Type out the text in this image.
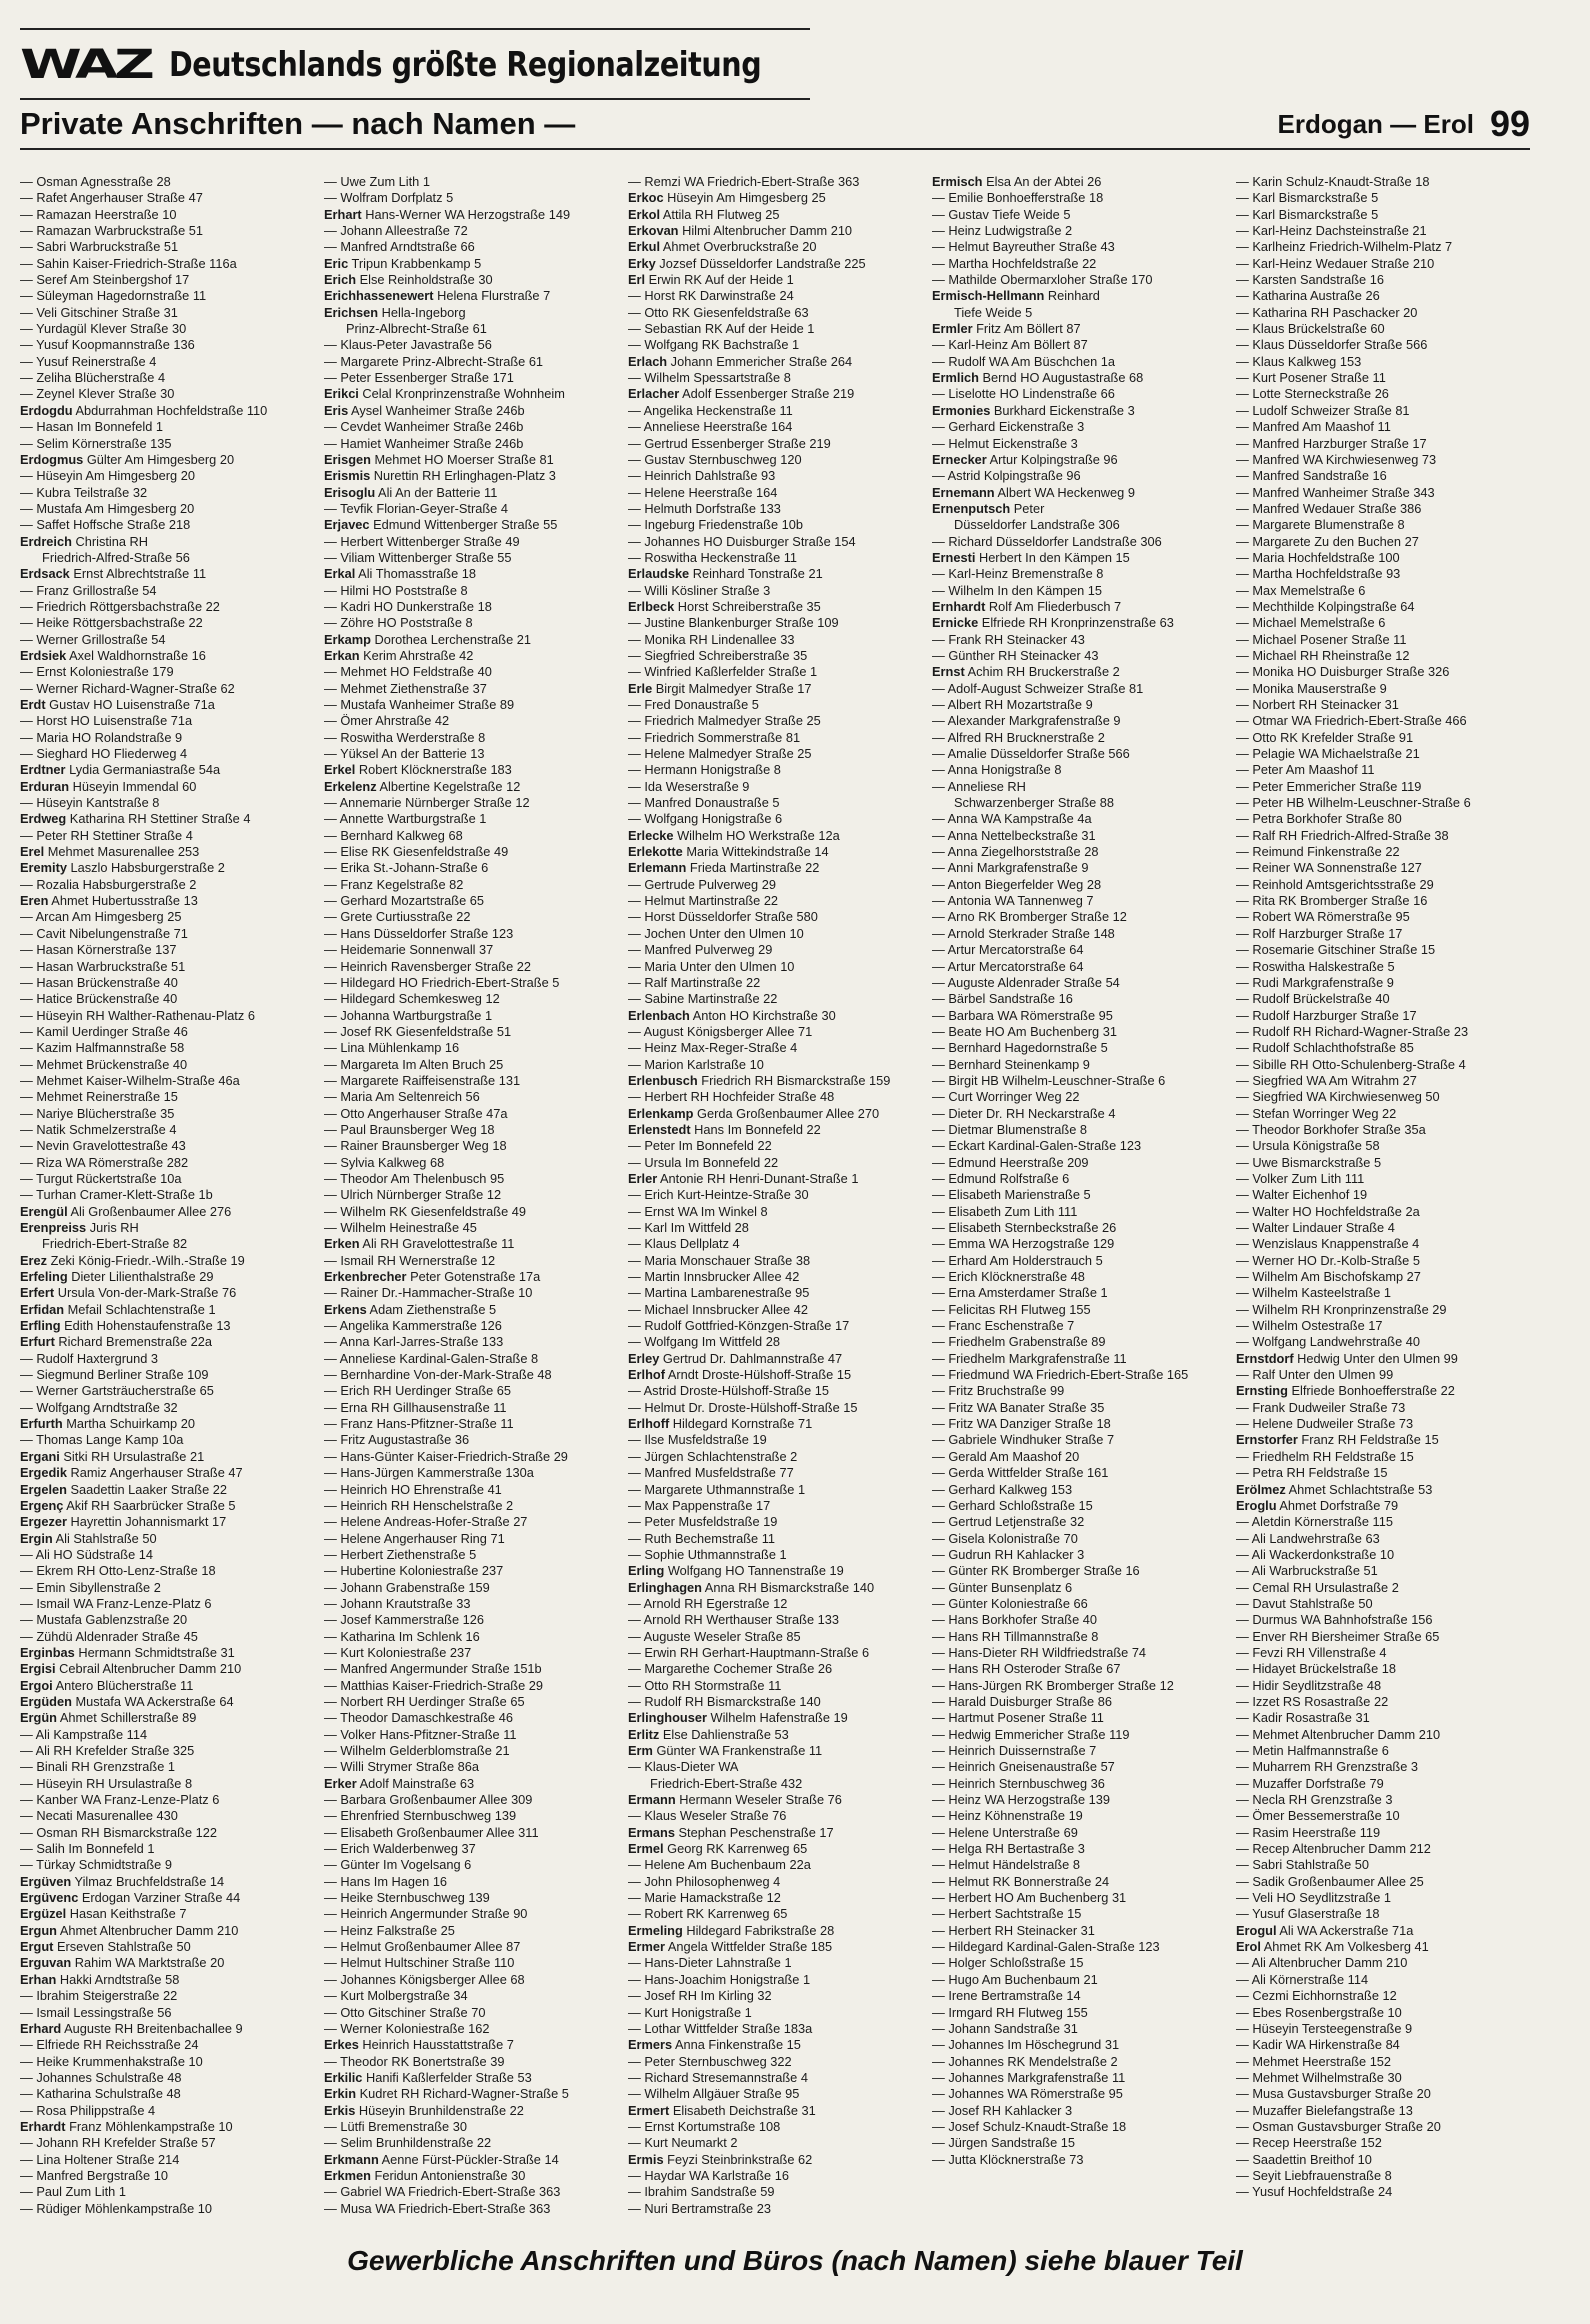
WAZ Deutschlands größte Regionalzeitung
Private Anschriften — nach Namen —	Erdogan — Erol 99
— Osman Agnesstraße 28
— Rafet Angerhauser Straße 47
— Ramazan Heerstraße 10
— Ramazan Warbruckstraße 51
— Sabri Warbruckstraße 51
— Sahin Kaiser-Friedrich-Straße 116a
— Seref Am Steinbergshof 17
— Süleyman Hagedornstraße 11
— Veli Gitschiner Straße 31
— Yurdagül Klever Straße 30
— Yusuf Koopmannstraße 136
— Yusuf Reinerstraße 4
— Zeliha Blücherstraße 4
— Zeynel Klever Straße 30
Erdogdu Abdurrahman Hochfeldstraße 110
— Hasan Im Bonnefeld 1
— Selim Körnerstraße 135
Erdogmus Gülter Am Himgesberg 20
— Hüseyin Am Himgesberg 20
— Kubra Teilstraße 32
— Mustafa Am Himgesberg 20
— Saffet Hoffsche Straße 218
Erdreich Christina RH
Friedrich-Alfred-Straße 56
Erdsack Ernst Albrechtstraße 11
— Franz Grillostraße 54
— Friedrich Röttgersbachstraße 22
— Heike Röttgersbachstraße 22
— Werner Grillostraße 54
Erdsiek Axel Waldhornstraße 16
— Ernst Koloniestraße 179
— Werner Richard-Wagner-Straße 62
Erdt Gustav HO Luisenstraße 71a
— Horst HO Luisenstraße 71a
— Maria HO Rolandstraße 9
— Sieghard HO Fliederweg 4
Erdtner Lydia Germaniastraße 54a
Erduran Hüseyin Immendal 60
— Hüseyin Kantstraße 8
Erdweg Katharina RH Stettiner Straße 4
— Peter RH Stettiner Straße 4
Erel Mehmet Masurenallee 253
Eremity Laszlo Habsburgerstraße 2
— Rozalia Habsburgerstraße 2
Eren Ahmet Hubertusstraße 13
— Arcan Am Himgesberg 25
— Cavit Nibelungenstraße 71
— Hasan Körnerstraße 137
— Hasan Warbruckstraße 51
— Hasan Brückenstraße 40
— Hatice Brückenstraße 40
— Hüseyin RH Walther-Rathenau-Platz 6
— Kamil Uerdinger Straße 46
— Kazim Halfmannstraße 58
— Mehmet Brückenstraße 40
— Mehmet Kaiser-Wilhelm-Straße 46a
— Mehmet Reinerstraße 15
— Nariye Blücherstraße 35
— Natik Schmelzerstraße 4
— Nevin Gravelottestraße 43
— Riza WA Römerstraße 282
— Turgut Rückertstraße 10a
— Turhan Cramer-Klett-Straße 1b
Erengül Ali Großenbaumer Allee 276
Erenpreiss Juris RH
Friedrich-Ebert-Straße 82
Erez Zeki König-Friedr.-Wilh.-Straße 19
Erfeling Dieter Lilienthalstraße 29
Erfert Ursula Von-der-Mark-Straße 76
Erfidan Mefail Schlachtenstraße 1
Erfling Edith Hohenstaufenstraße 13
Erfurt Richard Bremenstraße 22a
— Rudolf Haxtergrund 3
— Siegmund Berliner Straße 109
— Werner Gartsträucherstraße 65
— Wolfgang Arndtstraße 32
Erfurth Martha Schuirkamp 20
— Thomas Lange Kamp 10a
Ergani Sitki RH Ursulastraße 21
Ergedik Ramiz Angerhauser Straße 47
Ergelen Saadettin Laaker Straße 22
Ergenç Akif RH Saarbrücker Straße 5
Ergezer Hayrettin Johannismarkt 17
Ergin Ali Stahlstraße 50
— Ali HO Südstraße 14
— Ekrem RH Otto-Lenz-Straße 18
— Emin Sibyllenstraße 2
— Ismail WA Franz-Lenze-Platz 6
— Mustafa Gablenzstraße 20
— Zühdü Aldenrader Straße 45
Erginbas Hermann Schmidtstraße 31
Ergisi Cebrail Altenbrucher Damm 210
Ergoi Antero Blücherstraße 11
Ergüden Mustafa WA Ackerstraße 64
Ergün Ahmet Schillerstraße 89
— Ali Kampstraße 114
— Ali RH Krefelder Straße 325
— Binali RH Grenzstraße 1
— Hüseyin RH Ursulastraße 8
— Kanber WA Franz-Lenze-Platz 6
— Necati Masurenallee 430
— Osman RH Bismarckstraße 122
— Salih Im Bonnefeld 1
— Türkay Schmidtstraße 9
Ergüven Yilmaz Bruchfeldstraße 14
Ergüvenc Erdogan Varziner Straße 44
Ergüzel Hasan Keithstraße 7
Ergun Ahmet Altenbrucher Damm 210
Ergut Erseven Stahlstraße 50
Erguvan Rahim WA Marktstraße 20
Erhan Hakki Arndtstraße 58
— Ibrahim Steigerstraße 22
— Ismail Lessingstraße 56
Erhard Auguste RH Breitenbachallee 9
— Elfriede RH Reichsstraße 24
— Heike Krummenhakstraße 10
— Johannes Schulstraße 48
— Katharina Schulstraße 48
— Rosa Philippstraße 4
Erhardt Franz Möhlenkampstraße 10
— Johann RH Krefelder Straße 57
— Lina Holtener Straße 214
— Manfred Bergstraße 10
— Paul Zum Lith 1
— Rüdiger Möhlenkampstraße 10
— Uwe Zum Lith 1
— Wolfram Dorfplatz 5
Erhart Hans-Werner WA Herzogstraße 149
— Johann Alleestraße 72
— Manfred Arndtstraße 66
Eric Tripun Krabbenkamp 5
Erich Else Reinholdstraße 30
Erichhassenewert Helena Flurstraße 7
Erichsen Hella-Ingeborg
Prinz-Albrecht-Straße 61
— Klaus-Peter Javastraße 56
— Margarete Prinz-Albrecht-Straße 61
— Peter Essenberger Straße 171
Erikci Celal Kronprinzenstraße Wohnheim
Eris Aysel Wanheimer Straße 246b
— Cevdet Wanheimer Straße 246b
— Hamiet Wanheimer Straße 246b
Erisgen Mehmet HO Moerser Straße 81
Erismis Nurettin RH Erlinghagen-Platz 3
Erisoglu Ali An der Batterie 11
— Tevfik Florian-Geyer-Straße 4
Erjavec Edmund Wittenberger Straße 55
— Herbert Wittenberger Straße 49
— Viliam Wittenberger Straße 55
Erkal Ali Thomasstraße 18
— Hilmi HO Poststraße 8
— Kadri HO Dunkerstraße 18
— Zöhre HO Poststraße 8
Erkamp Dorothea Lerchenstraße 21
Erkan Kerim Ahrstraße 42
— Mehmet HO Feldstraße 40
— Mehmet Ziethenstraße 37
— Mustafa Wanheimer Straße 89
— Ömer Ahrstraße 42
— Roswitha Werderstraße 8
— Yüksel An der Batterie 13
Erkel Robert Klöcknerstraße 183
Erkelenz Albertine Kegelstraße 12
— Annemarie Nürnberger Straße 12
— Annette Wartburgstraße 1
— Bernhard Kalkweg 68
— Elise RK Giesenfeldstraße 49
— Erika St.-Johann-Straße 6
— Franz Kegelstraße 82
— Gerhard Mozartstraße 65
— Grete Curtiusstraße 22
— Hans Düsseldorfer Straße 123
— Heidemarie Sonnenwall 37
— Heinrich Ravensberger Straße 22
— Hildegard HO Friedrich-Ebert-Straße 5
— Hildegard Schemkesweg 12
— Johanna Wartburgstraße 1
— Josef RK Giesenfeldstraße 51
— Lina Mühlenkamp 16
— Margareta Im Alten Bruch 25
— Margarete Raiffeisenstraße 131
— Maria Am Seltenreich 56
— Otto Angerhauser Straße 47a
— Paul Braunsberger Weg 18
— Rainer Braunsberger Weg 18
— Sylvia Kalkweg 68
— Theodor Am Thelenbusch 95
— Ulrich Nürnberger Straße 12
— Wilhelm RK Giesenfeldstraße 49
— Wilhelm Heinestraße 45
Erken Ali RH Gravelottestraße 11
— Ismail RH Wernerstraße 12
Erkenbrecher Peter Gotenstraße 17a
— Rainer Dr.-Hammacher-Straße 10
Erkens Adam Ziethenstraße 5
— Angelika Kammerstraße 126
— Anna Karl-Jarres-Straße 133
— Anneliese Kardinal-Galen-Straße 8
— Bernhardine Von-der-Mark-Straße 48
— Erich RH Uerdinger Straße 65
— Erna RH Gillhausenstraße 11
— Franz Hans-Pfitzner-Straße 11
— Fritz Augustastraße 36
— Hans-Günter Kaiser-Friedrich-Straße 29
— Hans-Jürgen Kammerstraße 130a
— Heinrich HO Ehrenstraße 41
— Heinrich RH Henschelstraße 2
— Helene Andreas-Hofer-Straße 27
— Helene Angerhauser Ring 71
— Herbert Ziethenstraße 5
— Hubertine Koloniestraße 237
— Johann Grabenstraße 159
— Johann Krautstraße 33
— Josef Kammerstraße 126
— Katharina Im Schlenk 16
— Kurt Koloniestraße 237
— Manfred Angermunder Straße 151b
— Matthias Kaiser-Friedrich-Straße 29
— Norbert RH Uerdinger Straße 65
— Theodor Damaschkestraße 46
— Volker Hans-Pfitzner-Straße 11
— Wilhelm Gelderblomstraße 21
— Willi Strymer Straße 86a
Erker Adolf Mainstraße 63
— Barbara Großenbaumer Allee 309
— Ehrenfried Sternbuschweg 139
— Elisabeth Großenbaumer Allee 311
— Erich Walderbenweg 37
— Günter Im Vogelsang 6
— Hans Im Hagen 16
— Heike Sternbuschweg 139
— Heinrich Angermunder Straße 90
— Heinz Falkstraße 25
— Helmut Großenbaumer Allee 87
— Helmut Hultschiner Straße 110
— Johannes Königsberger Allee 68
— Kurt Molbergstraße 34
— Otto Gitschiner Straße 70
— Werner Koloniestraße 162
Erkes Heinrich Hausstattstraße 7
— Theodor RK Bonertstraße 39
Erkilic Hanifi Kaßlerfelder Straße 53
Erkin Kudret RH Richard-Wagner-Straße 5
Erkis Hüseyin Brunhildenstraße 22
— Lütfi Bremenstraße 30
— Selim Brunhildenstraße 22
Erkmann Aenne Fürst-Pückler-Straße 14
Erkmen Feridun Antonienstraße 30
— Gabriel WA Friedrich-Ebert-Straße 363
— Musa WA Friedrich-Ebert-Straße 363
— Remzi WA Friedrich-Ebert-Straße 363
Erkoc Hüseyin Am Himgesberg 25
Erkol Attila RH Flutweg 25
Erkovan Hilmi Altenbrucher Damm 210
Erkul Ahmet Overbruckstraße 20
Erky Jozsef Düsseldorfer Landstraße 225
Erl Erwin RK Auf der Heide 1
— Horst RK Darwinstraße 24
— Otto RK Giesenfeldstraße 63
— Sebastian RK Auf der Heide 1
— Wolfgang RK Bachstraße 1
Erlach Johann Emmericher Straße 264
— Wilhelm Spessartstraße 8
Erlacher Adolf Essenberger Straße 219
— Angelika Heckenstraße 11
— Anneliese Heerstraße 164
— Gertrud Essenberger Straße 219
— Gustav Sternbuschweg 120
— Heinrich Dahlstraße 93
— Helene Heerstraße 164
— Helmuth Dorfstraße 133
— Ingeburg Friedenstraße 10b
— Johannes HO Duisburger Straße 154
— Roswitha Heckenstraße 11
Erlaudske Reinhard Tonstraße 21
— Willi Kösliner Straße 3
Erlbeck Horst Schreiberstraße 35
— Justine Blankenburger Straße 109
— Monika RH Lindenallee 33
— Siegfried Schreiberstraße 35
— Winfried Kaßlerfelder Straße 1
Erle Birgit Malmedyer Straße 17
— Fred Donaustraße 5
— Friedrich Malmedyer Straße 25
— Friedrich Sommerstraße 81
— Helene Malmedyer Straße 25
— Hermann Honigstraße 8
— Ida Weserstraße 9
— Manfred Donaustraße 5
— Wolfgang Honigstraße 6
Erlecke Wilhelm HO Werkstraße 12a
Erlekotte Maria Wittekindstraße 14
Erlemann Frieda Martinstraße 22
— Gertrude Pulverweg 29
— Helmut Martinstraße 22
— Horst Düsseldorfer Straße 580
— Jochen Unter den Ulmen 10
— Manfred Pulverweg 29
— Maria Unter den Ulmen 10
— Ralf Martinstraße 22
— Sabine Martinstraße 22
Erlenbach Anton HO Kirchstraße 30
— August Königsberger Allee 71
— Heinz Max-Reger-Straße 4
— Marion Karlstraße 10
Erlenbusch Friedrich RH Bismarckstraße 159
— Herbert RH Hochfeider Straße 48
Erlenkamp Gerda Großenbaumer Allee 270
Erlenstedt Hans Im Bonnefeld 22
— Peter Im Bonnefeld 22
— Ursula Im Bonnefeld 22
Erler Antonie RH Henri-Dunant-Straße 1
— Erich Kurt-Heintze-Straße 30
— Ernst WA Im Winkel 8
— Karl Im Wittfeld 28
— Klaus Dellplatz 4
— Maria Monschauer Straße 38
— Martin Innsbrucker Allee 42
— Martina Lambarenestraße 95
— Michael Innsbrucker Allee 42
— Rudolf Gottfried-Könzgen-Straße 17
— Wolfgang Im Wittfeld 28
Erley Gertrud Dr. Dahlmannstraße 47
Erlhof Arndt Droste-Hülshoff-Straße 15
— Astrid Droste-Hülshoff-Straße 15
— Helmut Dr. Droste-Hülshoff-Straße 15
Erlhoff Hildegard Kornstraße 71
— Ilse Musfeldstraße 19
— Jürgen Schlachtenstraße 2
— Manfred Musfeldstraße 77
— Margarete Uthmannstraße 1
— Max Pappenstraße 17
— Peter Musfeldstraße 19
— Ruth Bechemstraße 11
— Sophie Uthmannstraße 1
Erling Wolfgang HO Tannenstraße 19
Erlinghagen Anna RH Bismarckstraße 140
— Arnold RH Egerstraße 12
— Arnold RH Werthauser Straße 133
— Auguste Weseler Straße 85
— Erwin RH Gerhart-Hauptmann-Straße 6
— Margarethe Cochemer Straße 26
— Otto RH Stormstraße 11
— Rudolf RH Bismarckstraße 140
Erlinghouser Wilhelm Hafenstraße 19
Erlitz Else Dahlienstraße 53
Erm Günter WA Frankenstraße 11
— Klaus-Dieter WA
Friedrich-Ebert-Straße 432
Ermann Hermann Weseler Straße 76
— Klaus Weseler Straße 76
Ermans Stephan Peschenstraße 17
Ermel Georg RK Karrenweg 65
— Helene Am Buchenbaum 22a
— John Philosophenweg 4
— Marie Hamackstraße 12
— Robert RK Karrenweg 65
Ermeling Hildegard Fabrikstraße 28
Ermer Angela Wittfelder Straße 185
— Hans-Dieter Lahnstraße 1
— Hans-Joachim Honigstraße 1
— Josef RH Im Kirling 32
— Kurt Honigstraße 1
— Lothar Wittfelder Straße 183a
Ermers Anna Finkenstraße 15
— Peter Sternbuschweg 322
— Richard Stresemannstraße 4
— Wilhelm Allgäuer Straße 95
Ermert Elisabeth Deichstraße 31
— Ernst Kortumstraße 108
— Kurt Neumarkt 2
Ermis Feyzi Steinbrinkstraße 62
— Haydar WA Karlstraße 16
— Ibrahim Sandstraße 59
— Nuri Bertramstraße 23
Ermisch Elsa An der Abtei 26
— Emilie Bonhoefferstraße 18
— Gustav Tiefe Weide 5
— Heinz Ludwigstraße 2
— Helmut Bayreuther Straße 43
— Martha Hochfeldstraße 22
— Mathilde Obermarxloher Straße 170
Ermisch-Hellmann Reinhard
Tiefe Weide 5
Ermler Fritz Am Böllert 87
— Karl-Heinz Am Böllert 87
— Rudolf WA Am Büschchen 1a
Ermlich Bernd HO Augustastraße 68
— Liselotte HO Lindenstraße 66
Ermonies Burkhard Eickenstraße 3
— Gerhard Eickenstraße 3
— Helmut Eickenstraße 3
Ernecker Artur Kolpingstraße 96
— Astrid Kolpingstraße 96
Ernemann Albert WA Heckenweg 9
Ernenputsch Peter
Düsseldorfer Landstraße 306
— Richard Düsseldorfer Landstraße 306
Ernesti Herbert In den Kämpen 15
— Karl-Heinz Bremenstraße 8
— Wilhelm In den Kämpen 15
Ernhardt Rolf Am Fliederbusch 7
Ernicke Elfriede RH Kronprinzenstraße 63
— Frank RH Steinacker 43
— Günther RH Steinacker 43
Ernst Achim RH Bruckerstraße 2
— Adolf-August Schweizer Straße 81
— Albert RH Mozartstraße 9
— Alexander Markgrafenstraße 9
— Alfred RH Brucknerstraße 2
— Amalie Düsseldorfer Straße 566
— Anna Honigstraße 8
— Anneliese RH
Schwarzenberger Straße 88
— Anna WA Kampstraße 4a
— Anna Nettelbeckstraße 31
— Anna Ziegelhorststraße 28
— Anni Markgrafenstraße 9
— Anton Biegerfelder Weg 28
— Antonia WA Tannenweg 7
— Arno RK Bromberger Straße 12
— Arnold Sterkrader Straße 148
— Artur Mercatorstraße 64
— Artur Mercatorstraße 64
— Auguste Aldenrader Straße 54
— Bärbel Sandstraße 16
— Barbara WA Römerstraße 95
— Beate HO Am Buchenberg 31
— Bernhard Hagedornstraße 5
— Bernhard Steinenkamp 9
— Birgit HB Wilhelm-Leuschner-Straße 6
— Curt Worringer Weg 22
— Dieter Dr. RH Neckarstraße 4
— Dietmar Blumenstraße 8
— Eckart Kardinal-Galen-Straße 123
— Edmund Heerstraße 209
— Edmund Rolfstraße 6
— Elisabeth Marienstraße 5
— Elisabeth Zum Lith 111
— Elisabeth Sternbeckstraße 26
— Emma WA Herzogstraße 129
— Erhard Am Holderstrauch 5
— Erich Klöcknerstraße 48
— Erna Amsterdamer Straße 1
— Felicitas RH Flutweg 155
— Franc Eschenstraße 7
— Friedhelm Grabenstraße 89
— Friedhelm Markgrafenstraße 11
— Friedmund WA Friedrich-Ebert-Straße 165
— Fritz Bruchstraße 99
— Fritz WA Banater Straße 35
— Fritz WA Danziger Straße 18
— Gabriele Windhuker Straße 7
— Gerald Am Maashof 20
— Gerda Wittfelder Straße 161
— Gerhard Kalkweg 153
— Gerhard Schloßstraße 15
— Gertrud Letjenstraße 32
— Gisela Kolonistraße 70
— Gudrun RH Kahlacker 3
— Günter RK Bromberger Straße 16
— Günter Bunsenplatz 6
— Günter Koloniestraße 66
— Hans Borkhofer Straße 40
— Hans RH Tillmannstraße 8
— Hans-Dieter RH Wildfriedstraße 74
— Hans RH Osteroder Straße 67
— Hans-Jürgen RK Bromberger Straße 12
— Harald Duisburger Straße 86
— Hartmut Posener Straße 11
— Hedwig Emmericher Straße 119
— Heinrich Duissernstraße 7
— Heinrich Gneisenaustraße 57
— Heinrich Sternbuschweg 36
— Heinz WA Herzogstraße 139
— Heinz Köhnenstraße 19
— Helene Unterstraße 69
— Helga RH Bertastraße 3
— Helmut Händelstraße 8
— Helmut RK Bonnerstraße 24
— Herbert HO Am Buchenberg 31
— Herbert Sachtstraße 15
— Herbert RH Steinacker 31
— Hildegard Kardinal-Galen-Straße 123
— Holger Schloßstraße 15
— Hugo Am Buchenbaum 21
— Irene Bertramstraße 14
— Irmgard RH Flutweg 155
— Johann Sandstraße 31
— Johannes Im Höschegrund 31
— Johannes RK Mendelstraße 2
— Johannes Markgrafenstraße 11
— Johannes WA Römerstraße 95
— Josef RH Kahlacker 3
— Josef Schulz-Knaudt-Straße 18
— Jürgen Sandstraße 15
— Jutta Klöcknerstraße 73
— Karin Schulz-Knaudt-Straße 18
— Karl Bismarckstraße 5
— Karl Bismarckstraße 5
— Karl-Heinz Dachsteinstraße 21
— Karlheinz Friedrich-Wilhelm-Platz 7
— Karl-Heinz Wedauer Straße 210
— Karsten Sandstraße 16
— Katharina Austraße 26
— Katharina RH Paschacker 20
— Klaus Brückelstraße 60
— Klaus Düsseldorfer Straße 566
— Klaus Kalkweg 153
— Kurt Posener Straße 11
— Lotte Sterneckstraße 26
— Ludolf Schweizer Straße 81
— Manfred Am Maashof 11
— Manfred Harzburger Straße 17
— Manfred WA Kirchwiesenweg 73
— Manfred Sandstraße 16
— Manfred Wanheimer Straße 343
— Manfred Wedauer Straße 386
— Margarete Blumenstraße 8
— Margarete Zu den Buchen 27
— Maria Hochfeldstraße 100
— Martha Hochfeldstraße 93
— Max Memelstraße 6
— Mechthilde Kolpingstraße 64
— Michael Memelstraße 6
— Michael Posener Straße 11
— Michael RH Rheinstraße 12
— Monika HO Duisburger Straße 326
— Monika Mauserstraße 9
— Norbert RH Steinacker 31
— Otmar WA Friedrich-Ebert-Straße 466
— Otto RK Krefelder Straße 91
— Pelagie WA Michaelstraße 21
— Peter Am Maashof 11
— Peter Emmericher Straße 119
— Peter HB Wilhelm-Leuschner-Straße 6
— Petra Borkhofer Straße 80
— Ralf RH Friedrich-Alfred-Straße 38
— Reimund Finkenstraße 22
— Reiner WA Sonnenstraße 127
— Reinhold Amtsgerichtsstraße 29
— Rita RK Bromberger Straße 16
— Robert WA Römerstraße 95
— Rolf Harzburger Straße 17
— Rosemarie Gitschiner Straße 15
— Roswitha Halskestraße 5
— Rudi Markgrafenstraße 9
— Rudolf Brückelstraße 40
— Rudolf Harzburger Straße 17
— Rudolf RH Richard-Wagner-Straße 23
— Rudolf Schlachthofstraße 85
— Sibille RH Otto-Schulenberg-Straße 4
— Siegfried WA Am Witrahm 27
— Siegfried WA Kirchwiesenweg 50
— Stefan Worringer Weg 22
— Theodor Borkhofer Straße 35a
— Ursula Königstraße 58
— Uwe Bismarckstraße 5
— Volker Zum Lith 111
— Walter Eichenhof 19
— Walter HO Hochfeldstraße 2a
— Walter Lindauer Straße 4
— Wenzislaus Knappenstraße 4
— Werner HO Dr.-Kolb-Straße 5
— Wilhelm Am Bischofskamp 27
— Wilhelm Kasteelstraße 1
— Wilhelm RH Kronprinzenstraße 29
— Wilhelm Ostestraße 17
— Wolfgang Landwehrstraße 40
Ernstdorf Hedwig Unter den Ulmen 99
— Ralf Unter den Ulmen 99
Ernsting Elfriede Bonhoefferstraße 22
— Frank Dudweiler Straße 73
— Helene Dudweiler Straße 73
Ernstorfer Franz RH Feldstraße 15
— Friedhelm RH Feldstraße 15
— Petra RH Feldstraße 15
Erölmez Ahmet Schlachtstraße 53
Eroglu Ahmet Dorfstraße 79
— Aletdin Körnerstraße 115
— Ali Landwehrstraße 63
— Ali Wackerdonkstraße 10
— Ali Warbruckstraße 51
— Cemal RH Ursulastraße 2
— Davut Stahlstraße 50
— Durmus WA Bahnhofstraße 156
— Enver RH Biersheimer Straße 65
— Fevzi RH Villenstraße 4
— Hidayet Brückelstraße 18
— Hidir Seydlitzstraße 48
— Izzet RS Rosastraße 22
— Kadir Rosastraße 31
— Mehmet Altenbrucher Damm 210
— Metin Halfmannstraße 6
— Muharrem RH Grenzstraße 3
— Muzaffer Dorfstraße 79
— Necla RH Grenzstraße 3
— Ömer Bessemerstraße 10
— Rasim Heerstraße 119
— Recep Altenbrucher Damm 212
— Sabri Stahlstraße 50
— Sadik Großenbaumer Allee 25
— Veli HO Seydlitzstraße 1
— Yusuf Glaserstraße 18
Erogul Ali WA Ackerstraße 71a
Erol Ahmet RK Am Volkesberg 41
— Ali Altenbrucher Damm 210
— Ali Körnerstraße 114
— Cezmi Eichhornstraße 12
— Ebes Rosenbergstraße 10
— Hüseyin Tersteegenstraße 9
— Kadir WA Hirkenstraße 84
— Mehmet Heerstraße 152
— Mehmet Wilhelmstraße 30
— Musa Gustavsburger Straße 20
— Muzaffer Bielefangstraße 13
— Osman Gustavsburger Straße 20
— Recep Heerstraße 152
— Saadettin Breithof 10
— Seyit Liebfrauenstraße 8
— Yusuf Hochfeldstraße 24
Gewerbliche Anschriften und Büros (nach Namen) siehe blauer Teil
